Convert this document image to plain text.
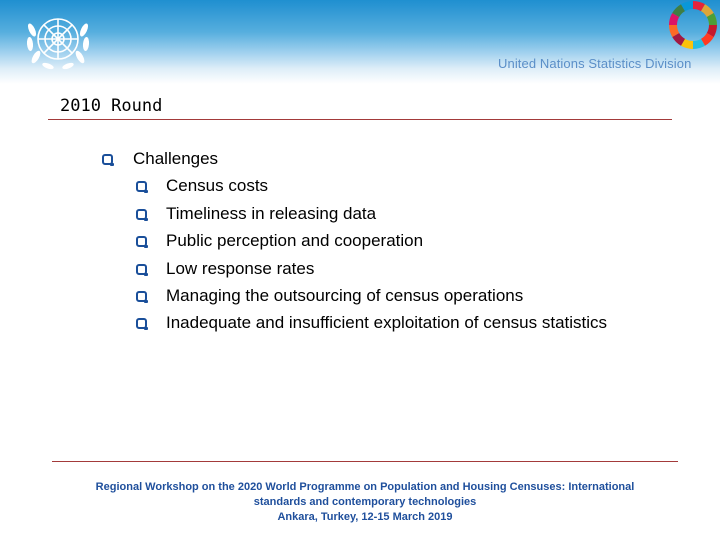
United Nations Statistics Division
2010 Round
Challenges
Census costs
Timeliness in releasing data
Public perception and cooperation
Low response rates
Managing the outsourcing of census operations
Inadequate and insufficient exploitation of census statistics
Regional Workshop on the 2020 World Programme on Population and Housing Censuses: International
standards and contemporary technologies
Ankara, Turkey, 12-15 March 2019
